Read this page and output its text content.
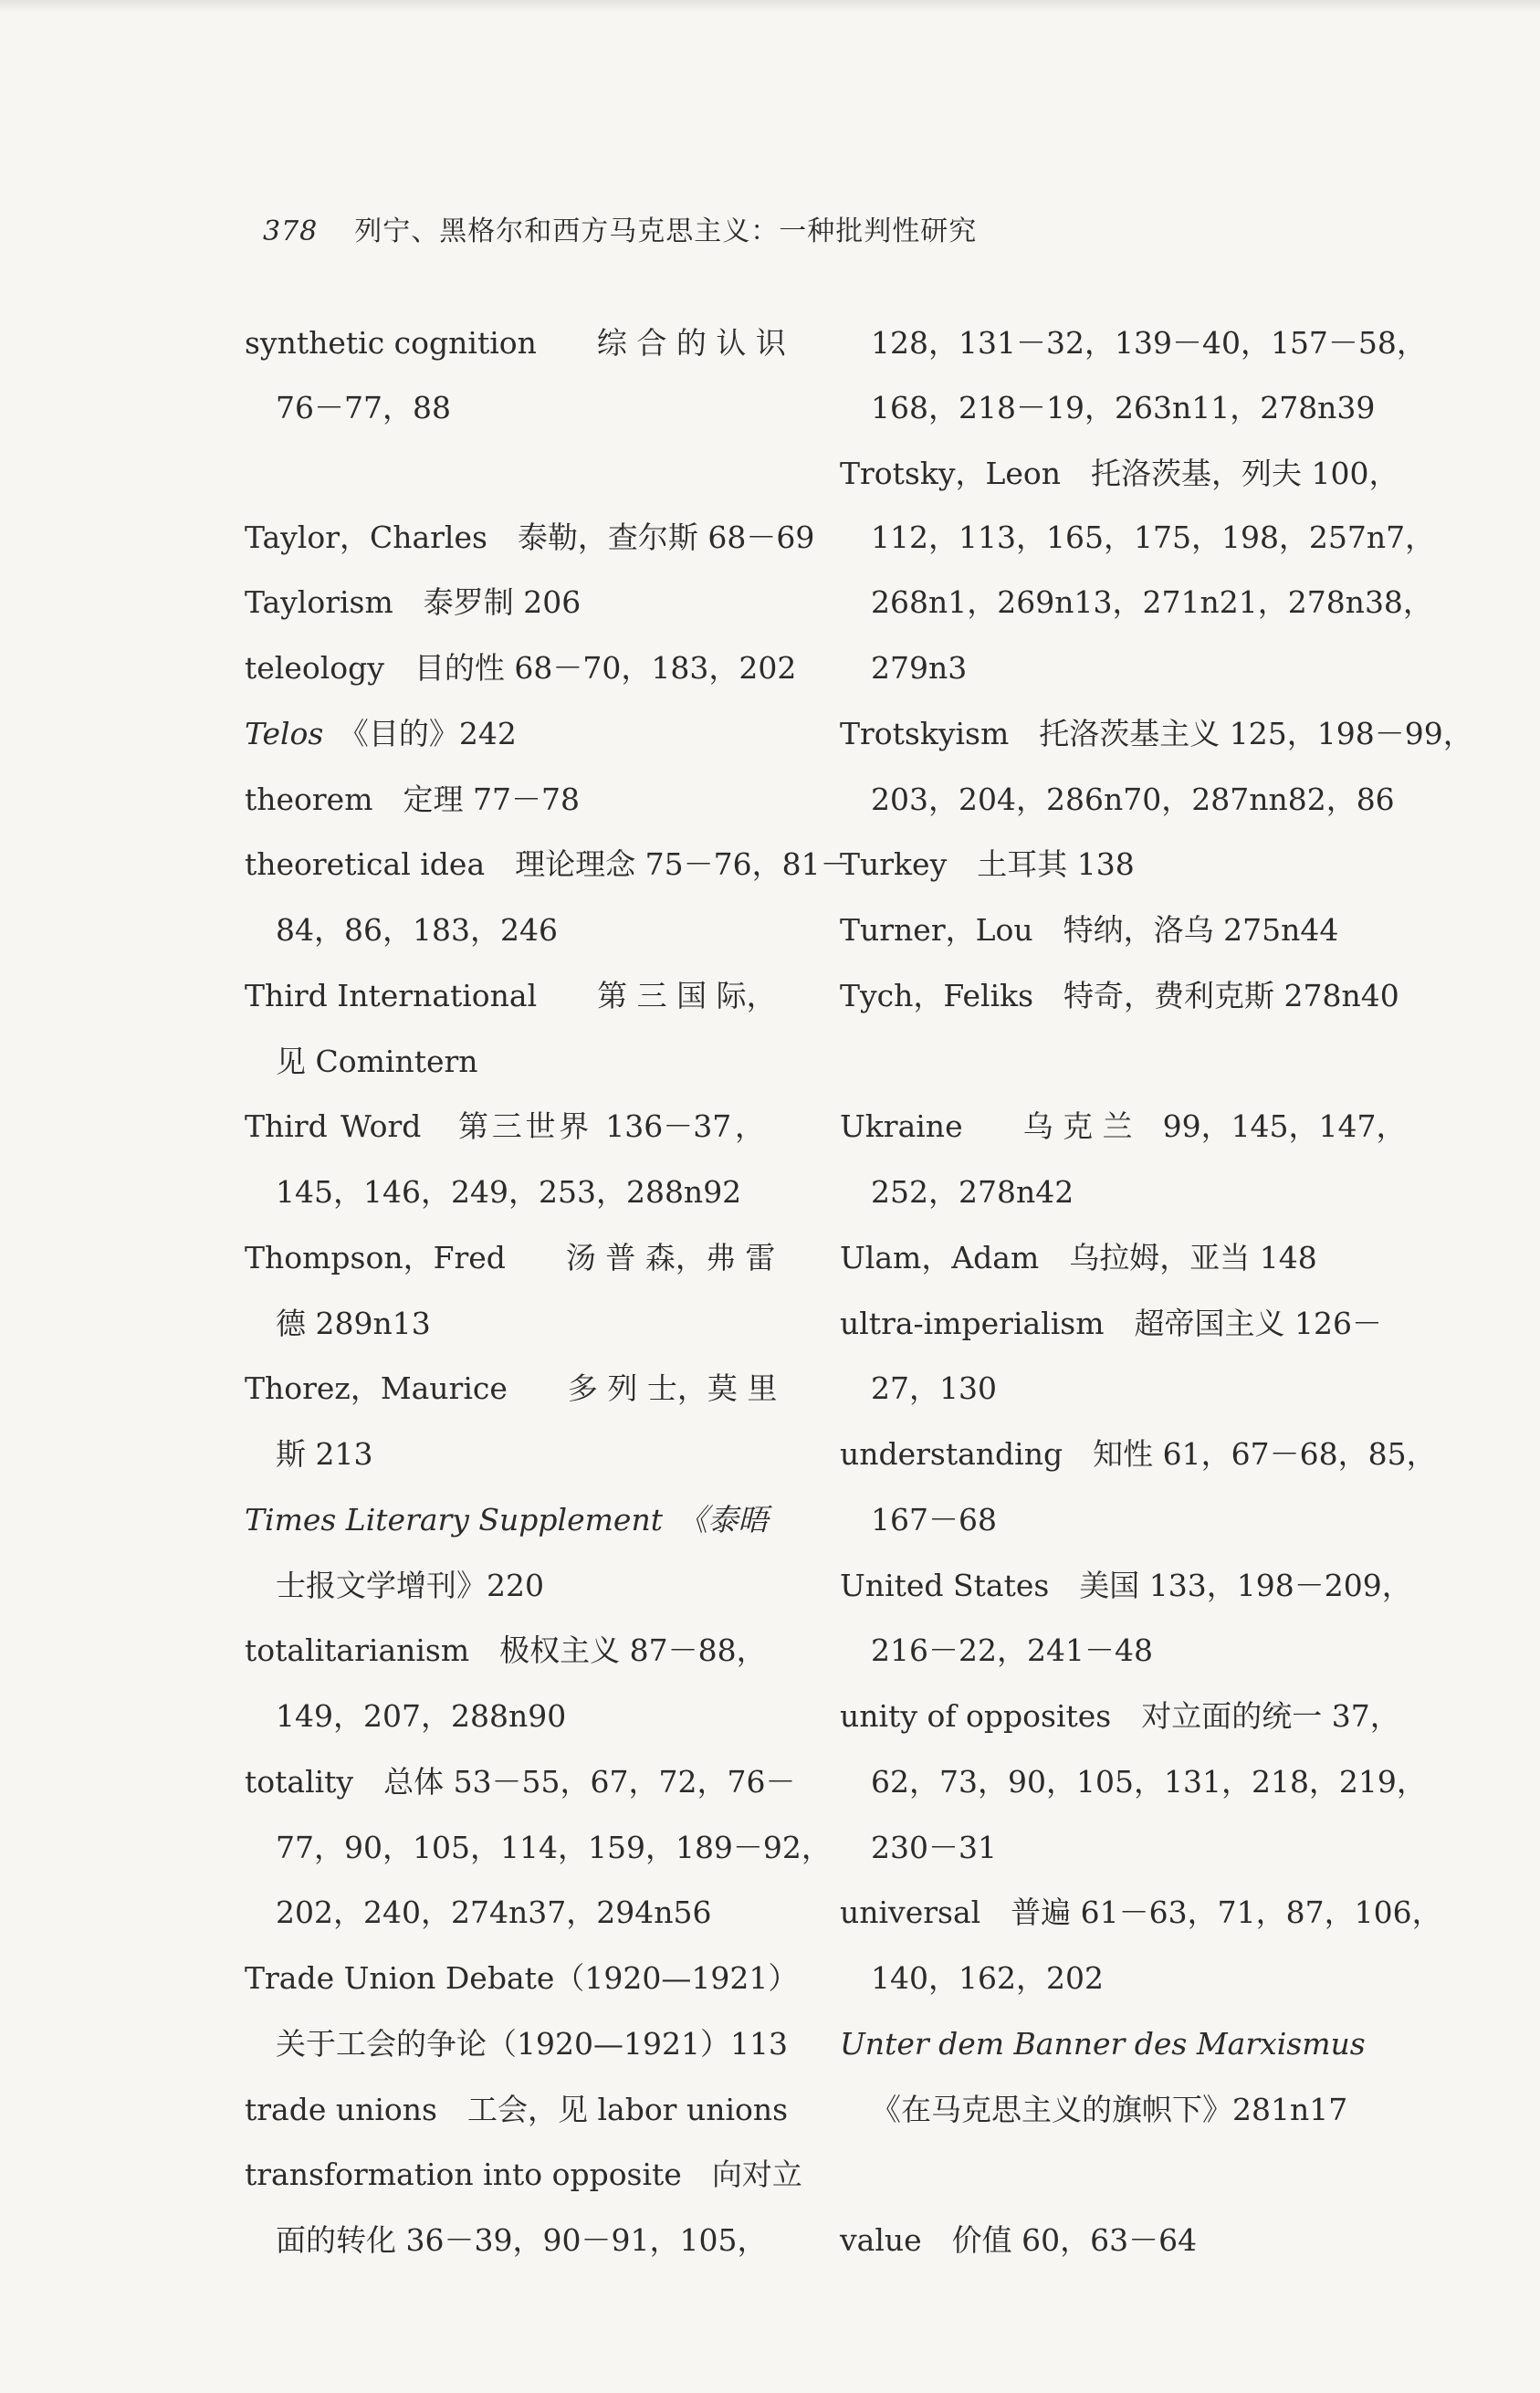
378 列宁、黑格尔和西方马克思主义：一种批判性研究
synthetic cognition　　综 合 的 认 识
76－77，88
Taylor，Charles　泰勒，查尔斯 68－69
Taylorism　泰罗制 206
teleology　目的性 68－70，183，202
Telos　《目的》242
theorem　定理 77－78
theoretical idea　理论理念 75－76，81－
84，86，183，246
Third International　　第 三 国 际，
见 Comintern
Third Word　第三世界 136－37，
145，146，249，253，288n92
Thompson，Fred　　汤 普 森，弗 雷
德 289n13
Thorez，Maurice　　多 列 士，莫 里
斯 213
Times Literary Supplement　《泰晤
士报文学增刊》220
totalitarianism　极权主义 87－88，
149，207，288n90
totality　总体 53－55，67，72，76－
77，90，105，114，159，189－92，
202，240，274n37，294n56
Trade Union Debate（1920—1921）
关于工会的争论（1920—1921）113
trade unions　工会，见 labor unions
transformation into opposite　向对立
面的转化 36－39，90－91，105，
128，131－32，139－40，157－58，
168，218－19，263n11，278n39
Trotsky，Leon　托洛茨基，列夫 100，
112，113，165，175，198，257n7，
268n1，269n13，271n21，278n38，
279n3
Trotskyism　托洛茨基主义 125，198－99，
203，204，286n70，287nn82，86
Turkey　土耳其 138
Turner，Lou　特纳，洛乌 275n44
Tych，Feliks　特奇，费利克斯 278n40
Ukraine　　乌 克 兰　99，145，147，
252，278n42
Ulam，Adam　乌拉姆，亚当 148
ultra-imperialism　超帝国主义 126－
27，130
understanding　知性 61，67－68，85，
167－68
United States　美国 133，198－209，
216－22，241－48
unity of opposites　对立面的统一 37，
62，73，90，105，131，218，219，
230－31
universal　普遍 61－63，71，87，106，
140，162，202
Unter dem Banner des Marxismus
《在马克思主义的旗帜下》281n17
value　价值 60，63－64
